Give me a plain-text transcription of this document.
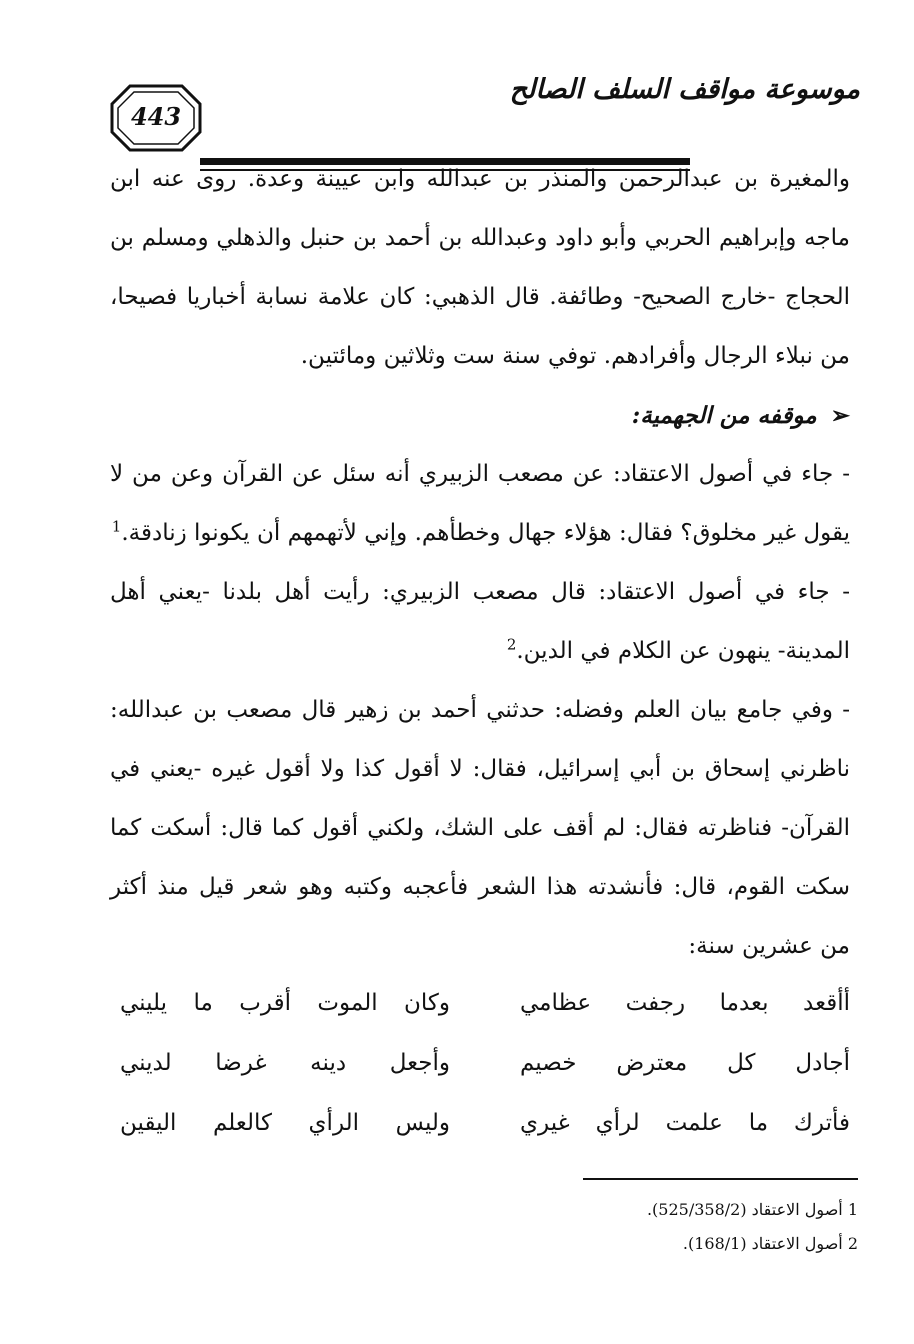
443
موسوعة مواقف السلف الصالح

والمغيرة بن عبدالرحمن والمنذر بن عبدالله وابن عيينة وعدة. روى عنه ابن ماجه وإبراهيم الحربي وأبو داود وعبدالله بن أحمد بن حنبل والذهلي ومسلم بن الحجاج -خارج الصحيح- وطائفة. قال الذهبي: كان علامة نسابة أخباريا فصيحا، من نبلاء الرجال وأفرادهم. توفي سنة ست وثلاثين ومائتين.

➢موقفه من الجهمية:

- جاء في أصول الاعتقاد: عن مصعب الزبيري أنه سئل عن القرآن وعن من لا يقول غير مخلوق؟ فقال: هؤلاء جهال وخطأهم. وإني لأتهمهم أن يكونوا زنادقة.$^1$

- جاء في أصول الاعتقاد: قال مصعب الزبيري: رأيت أهل بلدنا -يعني أهل المدينة- ينهون عن الكلام في الدين.$^2$

- وفي جامع بيان العلم وفضله: حدثني أحمد بن زهير قال مصعب بن عبدالله: ناظرني إسحاق بن أبي إسرائيل، فقال: لا أقول كذا ولا أقول غيره -يعني في القرآن- فناظرته فقال: لم أقف على الشك، ولكني أقول كما قال: أسكت كما سكت القوم، قال: فأنشدته هذا الشعر فأعجبه وكتبه وهو شعر قيل منذ أكثر من عشرين سنة:

أأقعد بعدما رجفت عظامي
وكان الموت أقرب ما يليني
أجادل كل معترض خصيم
وأجعل دينه غرضا لديني
فأترك ما علمت لرأي غيري
وليس الرأي كالعلم اليقين
1 أصول الاعتقاد (525/358/2).
2 أصول الاعتقاد (168/1).
